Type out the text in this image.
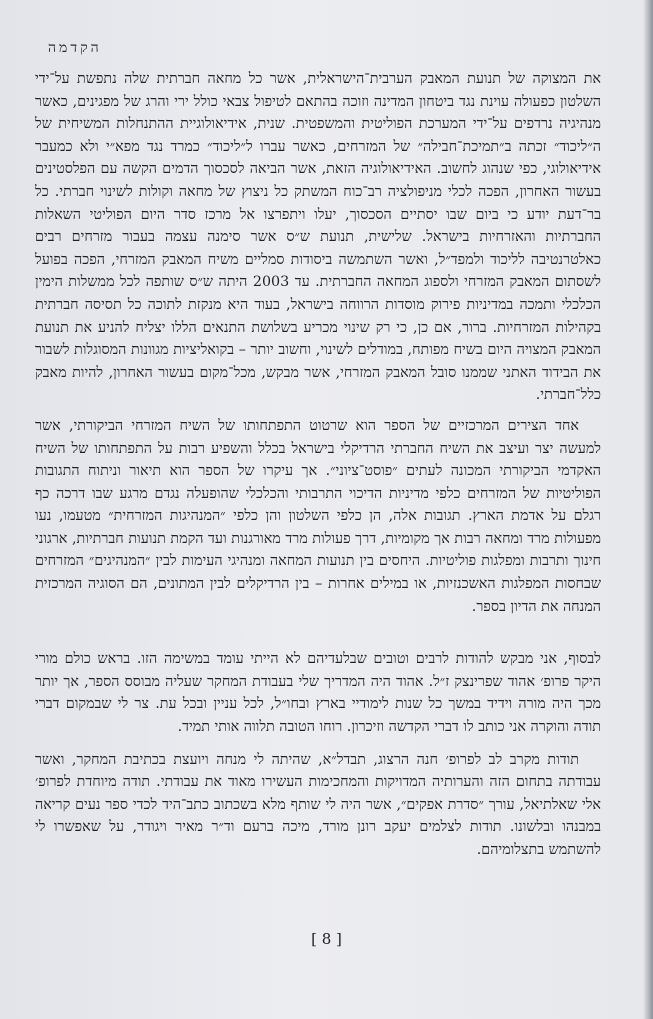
הקדמה

את המצוקה של תנועת המאבק הערבית־הישראלית, אשר כל מחאה חברתית שלה נתפשת על־ידי השלטון כפעולה עוינת נגד ביטחון המדינה וזוכה בהתאם לטיפול צבאי כולל ירי והרג של מפגינים, כאשר מנהיגיה נרדפים על־ידי המערכת הפוליטית והמשפטית. שנית, אידיאולוגיית ההתנחלות המשיחית של ה״ליכוד״ זכתה ב״תמיכת־חבילה״ של המזרחים, כאשר עברו ל״ליכוד״ כמרד נגד מפא״י ולא כמעבר אידיאולוגי, כפי שנהוג לחשוב. האידיאולוגיה הזאת, אשר הביאה לסכסוך הדמים הקשה עם הפלסטינים בעשור האחרון, הפכה לכלי מניפולציה רב־כוח המשתק כל ניצוץ של מחאה וקולות לשינוי חברתי. כל בר־דעת יודע כי ביום שבו יסתיים הסכסוך, יעלו ויתפרצו אל מרכז סדר היום הפוליטי השאלות החברתיות והאזרחיות בישראל. שלישית, תנועת ש״ס אשר סימנה עצמה בעבור מזרחים רבים כאלטרנטיבה לליכוד ולמפד״ל, ואשר השתמשה ביסודות סמליים משיח המאבק המזרחי, הפכה בפועל לשסתום המאבק המזרחי ולספוג המחאה החברתית. עד 2003 היתה ש״ס שותפה לכל ממשלות הימין הכלכלי ותמכה במדיניות פירוק מוסדות הרווחה בישראל, בעוד היא מנקזת לתוכה כל תסיסה חברתית בקהילות המזרחיות. ברור, אם כן, כי רק שינוי מכריע בשלושת התנאים הללו יצליח להניע את תנועת המאבק המצויה היום בשיח מפותח, במודלים לשינוי, וחשוב יותר – בקואליציות מגוונות המסוגלות לשבור את הבידוד האתני שממנו סובל המאבק המזרחי, אשר מבקש, מכל־מקום בעשור האחרון, להיות מאבק כלל־חברתי.

אחד הצירים המרכזיים של הספר הוא שרטוט התפתחותו של השיח המזרחי הביקורתי, אשר למעשה יצר ועיצב את השיח החברתי הרדיקלי בישראל בכלל והשפיע רבות על התפתחותו של השיח האקדמי הביקורתי המכונה לעתים ״פוסט־ציוני״. אך עיקרו של הספר הוא תיאור וניתוח התגובות הפוליטיות של המזרחים כלפי מדיניות הדיכוי התרבותי והכלכלי שהופעלה נגדם מרגע שבו דרכה כף רגלם על אדמת הארץ. תגובות אלה, הן כלפי השלטון והן כלפי ״המנהיגות המזרחית״ מטעמו, נעו מפעולות מרד ומחאה רבות אך מקומיות, דרך פעולות מרד מאורגנות ועד הקמת תנועות חברתיות, ארגוני חינוך ותרבות ומפלגות פוליטיות. היחסים בין תנועות המחאה ומנהיגי העימות לבין ״המנהיגים״ המזרחים שבחסות המפלגות האשכנזיות, או במילים אחרות – בין הרדיקלים לבין המתונים, הם הסוגיה המרכזית המנחה את הדיון בספר.

לבסוף, אני מבקש להודות לרבים וטובים שבלעדיהם לא הייתי עומד במשימה הזו. בראש כולם מורי היקר פרופ׳ אהוד שפרינצק ז״ל. אהוד היה המדריך שלי בעבודת המחקר שעליה מבוסס הספר, אך יותר מכך היה מורה וידיד במשך כל שנות לימודיי בארץ ובחו״ל, לכל עניין ובכל עת. צר לי שבמקום דברי תודה והוקרה אני כותב לו דברי הקדשה וזיכרון. רוחו הטובה תלווה אותי תמיד.

תודות מקרב לב לפרופ׳ חנה הרצוג, תבדל״א, שהיתה לי מנחה ויועצת בכתיבת המחקר, ואשר עבודתה בתחום הזה והערותיה המדויקות והמחכימות העשירו מאוד את עבודתי. תודה מיוחדת לפרופ׳ אלי שאלתיאל, עורך ״סדרת אפקים״, אשר היה לי שותף מלא בשכתוב כתב־היד לכדי ספר נעים קריאה במבנהו ובלשונו. תודות לצלמים יעקב רונן מורד, מיכה ברעם וד״ר מאיר ויגודר, על שאפשרו לי להשתמש בתצלומיהם.

[ 8 ]
